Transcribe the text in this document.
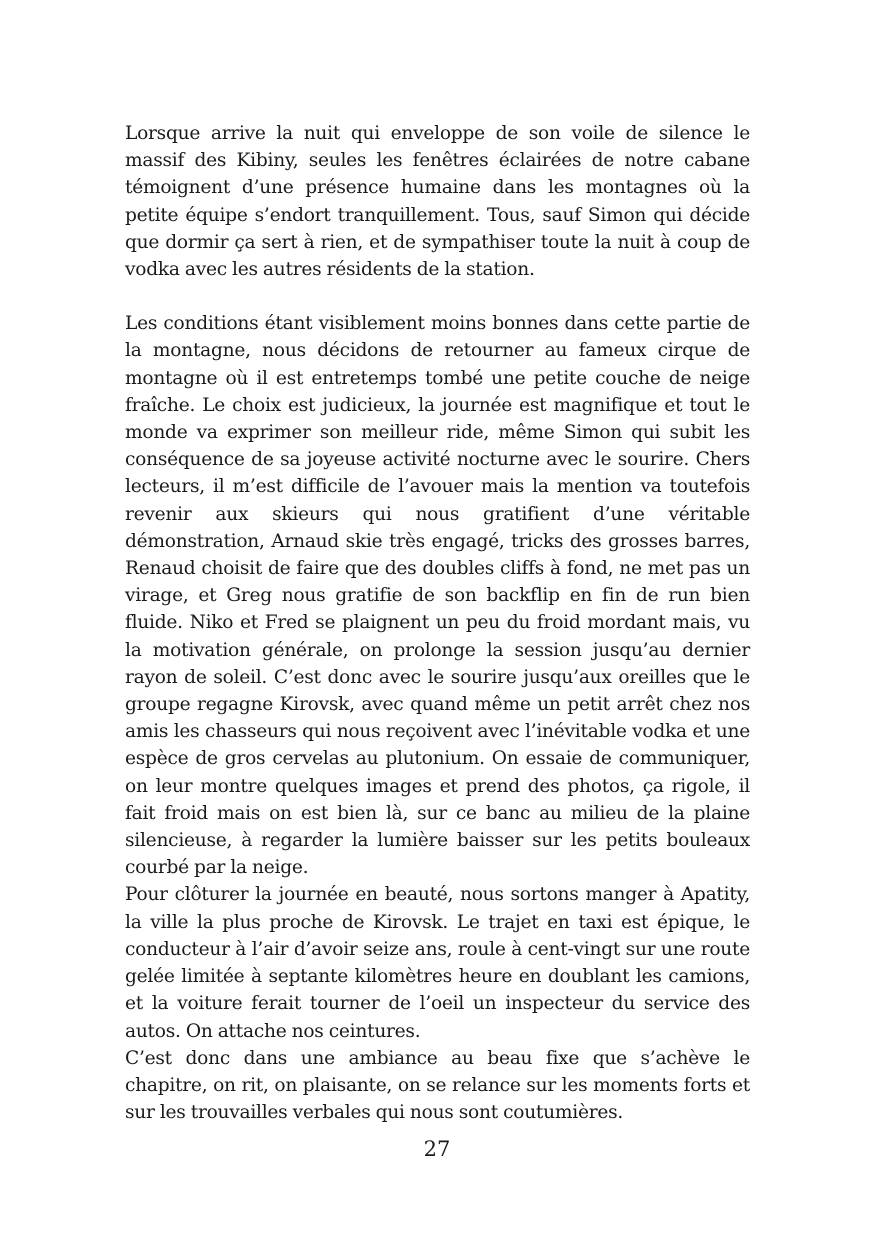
Lorsque arrive la nuit qui enveloppe de son voile de silence le massif des Kibiny, seules les fenêtres éclairées de notre cabane témoignent d’une présence humaine dans les montagnes où la petite équipe s’endort tranquillement. Tous, sauf Simon qui décide que dormir ça sert à rien, et de sympathiser toute la nuit à coup de vodka avec les autres résidents de la station.

Les conditions étant visiblement moins bonnes dans cette partie de la montagne, nous décidons de retourner au fameux cirque de montagne où il est entretemps tombé une petite couche de neige fraîche. Le choix est judicieux, la journée est magnifique et tout le monde va exprimer son meilleur ride, même Simon qui subit les conséquence de sa joyeuse activité nocturne avec le sourire. Chers lecteurs, il m’est difficile de l’avouer mais la mention va toutefois revenir aux skieurs qui nous gratifient d’une véritable démonstration, Arnaud skie très engagé, tricks des grosses barres, Renaud choisit de faire que des doubles cliffs à fond, ne met pas un virage, et Greg nous gratifie de son backflip en fin de run bien fluide. Niko et Fred se plaignent un peu du froid mordant mais, vu la motivation générale, on prolonge la session jusqu’au dernier rayon de soleil. C’est donc avec le sourire jusqu’aux oreilles que le groupe regagne Kirovsk, avec quand même un petit arrêt chez nos amis les chasseurs qui nous reçoivent avec l’inévitable vodka et une espèce de gros cervelas au plutonium. On essaie de communiquer, on leur montre quelques images et prend des photos, ça rigole, il fait froid mais on est bien là, sur ce banc au milieu de la plaine silencieuse, à regarder la lumière baisser sur les petits bouleaux courbé par la neige.

Pour clôturer la journée en beauté, nous sortons manger à Apatity, la ville la plus proche de Kirovsk. Le trajet en taxi est épique, le conducteur à l’air d’avoir seize ans, roule à cent-vingt sur une route gelée limitée à septante kilomètres heure en doublant les camions, et la voiture ferait tourner de l’oeil un inspecteur du service des autos. On attache nos ceintures.

C’est donc dans une ambiance au beau fixe que s’achève le chapitre, on rit, on plaisante, on se relance sur les moments forts et sur les trouvailles verbales qui nous sont coutumières.

27
